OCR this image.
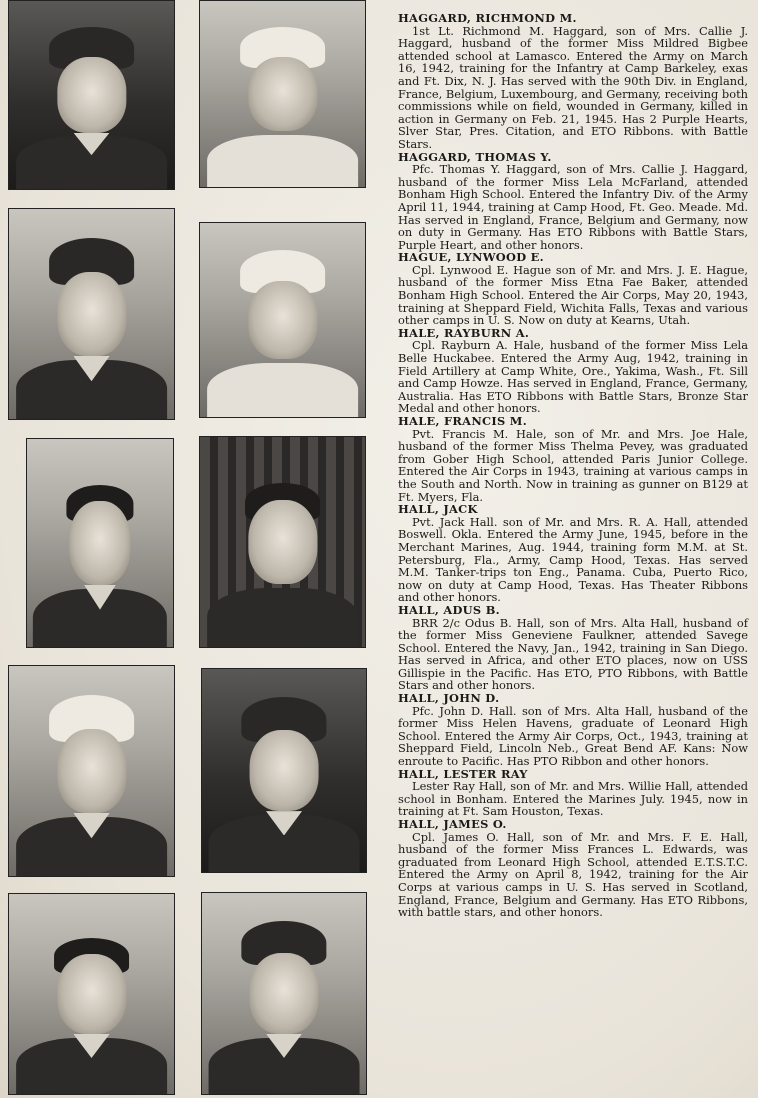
HAGGARD, RICHMOND M.
1st Lt. Richmond M. Haggard, son of Mrs. Callie J. Haggard, husband of the former Miss Mildred Bigbee attended school at Lamasco. Entered the Army on March 16, 1942, training for the Infantry at Camp Barkeley, exas and Ft. Dix, N. J. Has served with the 90th Div. in England, France, Belgium, Luxembourg, and Germany, receiving both commissions while on field, wounded in Germany, killed in action in Germany on Feb. 21, 1945. Has 2 Purple Hearts, Slver Star, Pres. Citation, and ETO Ribbons. with Battle Stars.
HAGGARD, THOMAS Y.
Pfc. Thomas Y. Haggard, son of Mrs. Callie J. Haggard, husband of the former Miss Lela McFarland, attended Bonham High School. Entered the Infantry Div. of the Army April 11, 1944, training at Camp Hood, Ft. Geo. Meade. Md. Has served in England, France, Belgium and Germany, now on duty in Germany. Has ETO Ribbons with Battle Stars, Purple Heart, and other honors.
HAGUE, LYNWOOD E.
Cpl. Lynwood E. Hague son of Mr. and Mrs. J. E. Hague, husband of the former Miss Etna Fae Baker, attended Bonham High School. Entered the Air Corps, May 20, 1943, training at Sheppard Field, Wichita Falls, Texas and various other camps in U. S. Now on duty at Kearns, Utah.
HALE, RAYBURN A.
Cpl. Rayburn A. Hale, husband of the former Miss Lela Belle Huckabee. Entered the Army Aug, 1942, training in Field Artillery at Camp White, Ore., Yakima, Wash., Ft. Sill and Camp Howze. Has served in England, France, Germany, Australia. Has ETO Ribbons with Battle Stars, Bronze Star Medal and other honors.
HALE, FRANCIS M.
Pvt. Francis M. Hale, son of Mr. and Mrs. Joe Hale, husband of the former Miss Thelma Pevey, was graduated from Gober High School, attended Paris Junior College. Entered the Air Corps in 1943, training at various camps in the South and North. Now in training as gunner on B129 at Ft. Myers, Fla.
HALL, JACK
Pvt. Jack Hall. son of Mr. and Mrs. R. A. Hall, attended Boswell. Okla. Entered the Army June, 1945, before in the Merchant Marines, Aug. 1944, training form M.M. at St. Petersburg, Fla., Army, Camp Hood, Texas. Has served M.M. Tanker-trips ton Eng., Panama. Cuba, Puerto Rico, now on duty at Camp Hood, Texas. Has Theater Ribbons and other honors.
HALL, ADUS B.
BRR 2/c Odus B. Hall, son of Mrs. Alta Hall, husband of the former Miss Geneviene Faulkner, attended Savege School. Entered the Navy, Jan., 1942, training in San Diego. Has served in Africa, and other ETO places, now on USS Gillispie in the Pacific. Has ETO, PTO Ribbons, with Battle Stars and other honors.
HALL, JOHN D.
Pfc. John D. Hall. son of Mrs. Alta Hall, husband of the former Miss Helen Havens, graduate of Leonard High School. Entered the Army Air Corps, Oct., 1943, training at Sheppard Field, Lincoln Neb., Great Bend AF. Kans: Now enroute to Pacific. Has PTO Ribbon and other honors.
HALL, LESTER RAY
Lester Ray Hall, son of Mr. and Mrs. Willie Hall, attended school in Bonham. Entered the Marines July. 1945, now in training at Ft. Sam Houston, Texas.
HALL, JAMES O.
Cpl. James O. Hall, son of Mr. and Mrs. F. E. Hall, husband of the former Miss Frances L. Edwards, was graduated from Leonard High School, attended E.T.S.T.C. Entered the Army on April 8, 1942, training for the Air Corps at various camps in U. S. Has served in Scotland, England, France, Belgium and Germany. Has ETO Ribbons, with battle stars, and other honors.
